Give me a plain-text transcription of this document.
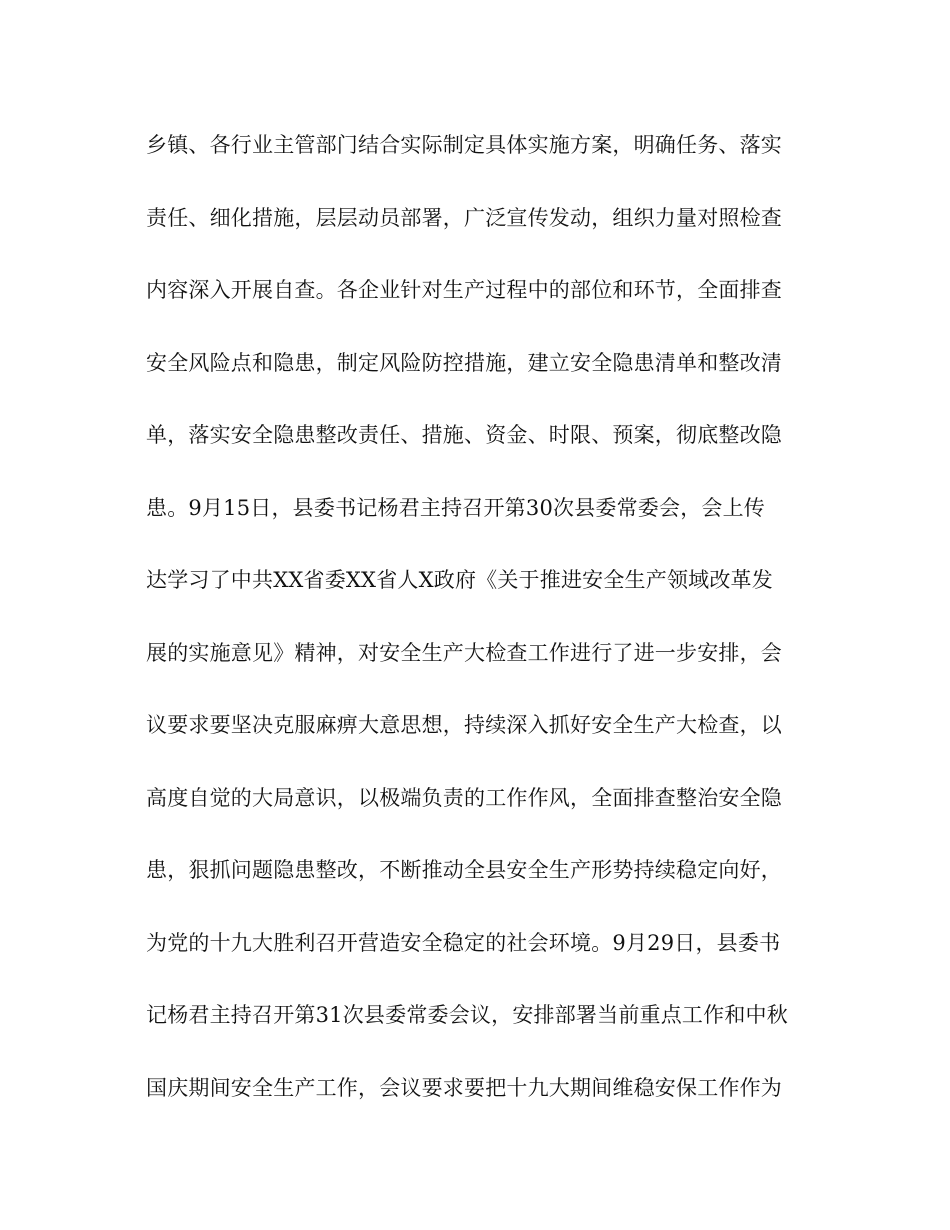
乡镇、各行业主管部门结合实际制定具体实施方案，明确任务、落实
责任、细化措施，层层动员部署，广泛宣传发动，组织力量对照检查
内容深入开展自查。各企业针对生产过程中的部位和环节，全面排查
安全风险点和隐患，制定风险防控措施，建立安全隐患清单和整改清
单，落实安全隐患整改责任、措施、资金、时限、预案，彻底整改隐
患。9月15日，县委书记杨君主持召开第30次县委常委会，会上传
达学习了中共XX省委XX省人X政府《关于推进安全生产领域改革发
展的实施意见》精神，对安全生产大检查工作进行了进一步安排，会
议要求要坚决克服麻痹大意思想，持续深入抓好安全生产大检查，以
高度自觉的大局意识，以极端负责的工作作风，全面排查整治安全隐
患，狠抓问题隐患整改，不断推动全县安全生产形势持续稳定向好，
为党的十九大胜利召开营造安全稳定的社会环境。9月29日，县委书
记杨君主持召开第31次县委常委会议，安排部署当前重点工作和中秋
国庆期间安全生产工作，会议要求要把十九大期间维稳安保工作作为
